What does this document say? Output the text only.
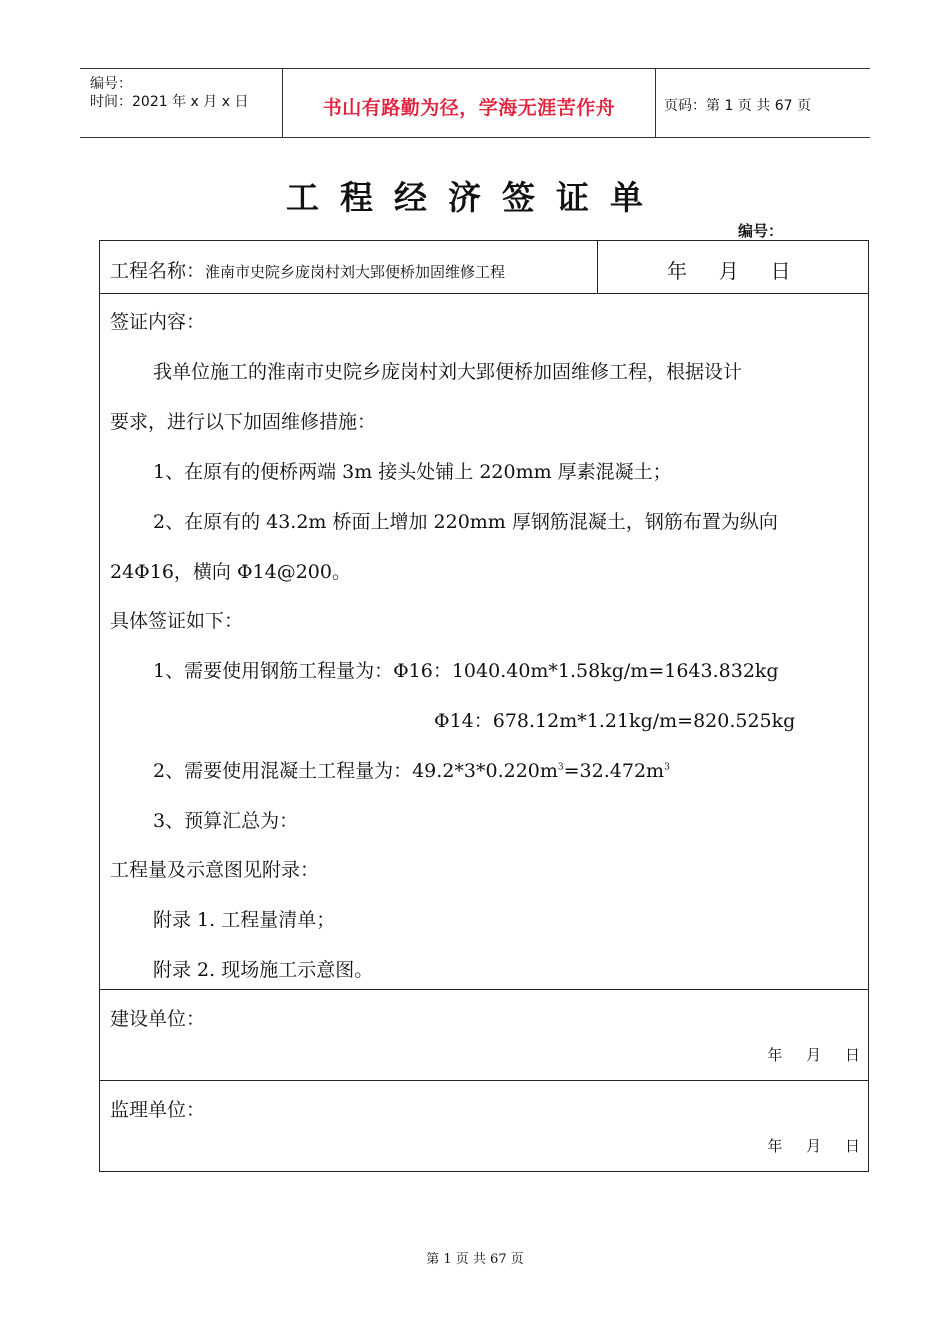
编号：
时间：2021 年 x 月 x 日	书山有路勤为径，学海无涯苦作舟	页码：第 1 页 共 67 页
工程经济签证单
编号：
工程名称：淮南市史院乡庞岗村刘大郢便桥加固维修工程	年     月     日
签证内容：
我单位施工的淮南市史院乡庞岗村刘大郢便桥加固维修工程，根据设计
要求，进行以下加固维修措施：
1、在原有的便桥两端 3m 接头处铺上 220mm 厚素混凝土；
2、在原有的 43.2m 桥面上增加 220mm 厚钢筋混凝土，钢筋布置为纵向
24Φ16，横向 Φ14@200。
具体签证如下：
1、需要使用钢筋工程量为：Φ16：1040.40m*1.58kg/m=1643.832kg
Φ14：678.12m*1.21kg/m=820.525kg
2、需要使用混凝土工程量为：$49.2*3*0.220m^3=32.472m^3$
3、预算汇总为：
工程量及示意图见附录：
附录 1. 工程量清单；
附录 2. 现场施工示意图。
建设单位：
年     月     日
监理单位：
年     月     日
第 1 页 共 67 页
